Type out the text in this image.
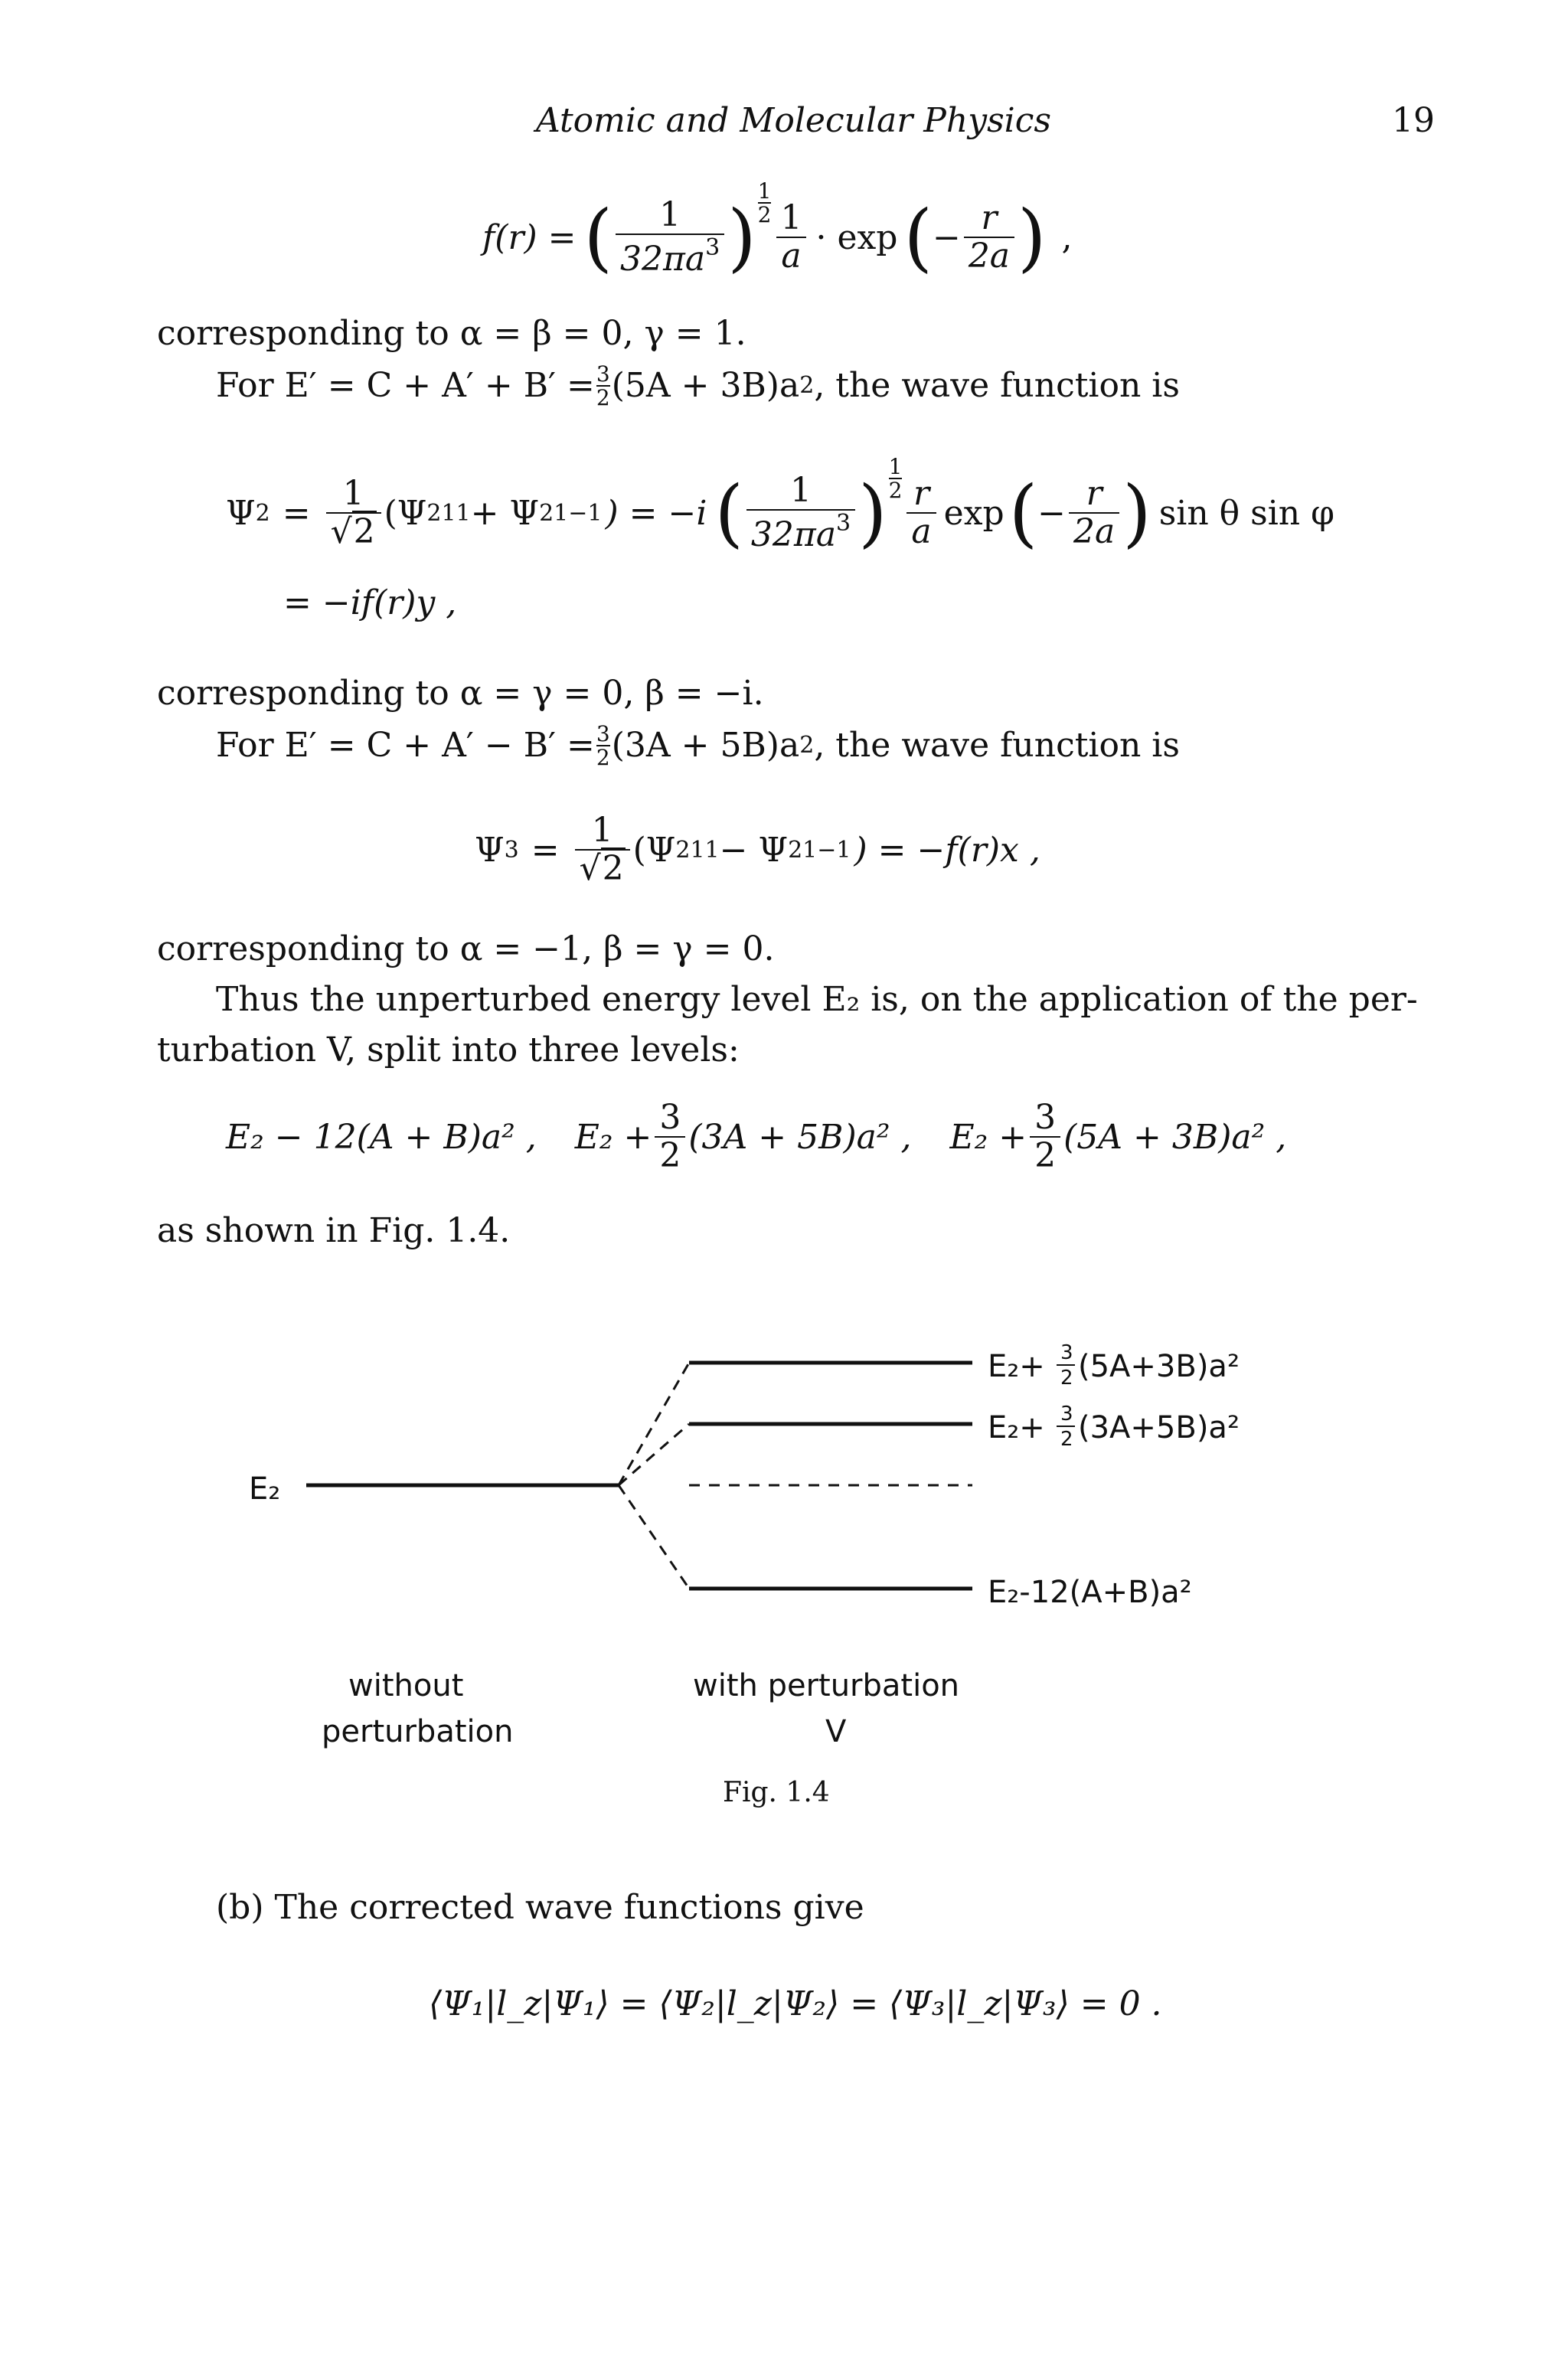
Atomic and Molecular Physics	19
f(r) = ( $\frac{1}{32\pi a^3}$ ) $\frac{1}{2} \frac{1}{a} \cdot \exp$ ( − $\frac{r}{2a}$ ) ,
corresponding to α = β = 0, γ = 1.
For $E' = C + A' + B' = \frac{3}{2} (5A + 3B)a$ 2 , the wave function is
Ψ $2 = \frac{1}{√2} (\Psi$ 211 + Ψ 21−1 ) = −i ( $\frac{1}{32\pi a^3}$ ) $\frac{1}{2} \frac{r}{a}$ exp ( − $\frac{r}{2a}$ ) sin θ sin φ
= −if(r)y ,
corresponding to α = γ = 0, β = −i.
For $E' = C + A' - B' = \frac{3}{2} (3A + 5B)a$ 2 , the wave function is
Ψ $3 = \frac{1}{√2} (\Psi$ 211 − Ψ 21−1 ) = −f(r)x ,
corresponding to α = −1, β = γ = 0.
Thus the unperturbed energy level E₂ is, on the application of the per-
turbation V, split into three levels:
E₂ − 12(A + B)a² , $E_2 + \frac{3}{2} (3A + 5B)a^2$ , $E_2 + \frac{3}{2} (5A + 3B)a^2$ ,
as shown in Fig. 1.4.
E₂
E₂+ 3
2 (5A+3B)a²
E₂+ 3
2 (3A+5B)a²
E₂-12(A+B)a²
without
perturbation
with perturbation
V
Fig. 1.4
(b) The corrected wave functions give
⟨Ψ₁|l_z|Ψ₁⟩ = ⟨Ψ₂|l_z|Ψ₂⟩ = ⟨Ψ₃|l_z|Ψ₃⟩ = 0 .
